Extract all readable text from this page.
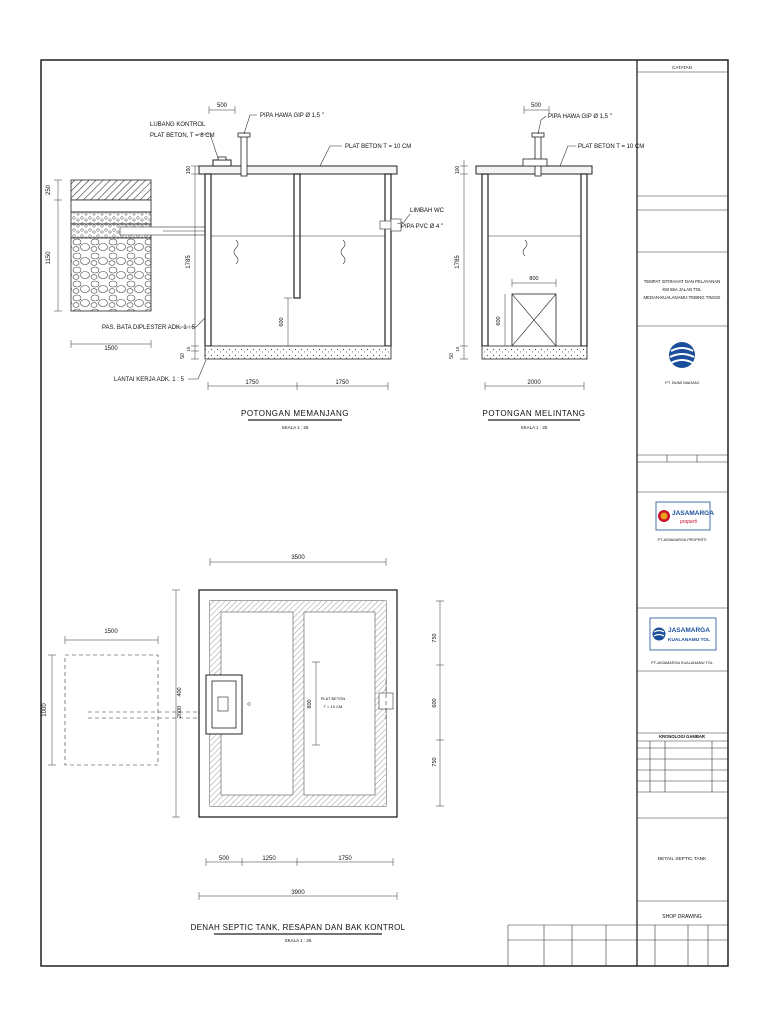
250
1150
1500
500
LUBANG KONTROL
PLAT BETON, T = 8 CM
PIPA HAWA GIP Ø 1,5 "
PLAT BETON T = 10 CM
LIMBAH WC
PIPA PVC Ø 4 "
PAS. BATA DIPLESTER ADK. 1 : 5
LANTAI KERJA ADK. 1 : 5
150
1785
15
50
600
1750	1750
POTONGAN MEMANJANG
SKALA 1 : 25
800
600
500
PIPA HAWA GIP Ø 1,5 "
PLAT BETON T = 10 CM
100
1785
15
50
2000
POTONGAN MELINTANG
SKALA 1 : 25
1500
1000	800
PLAT BETON
T = 10 CM
3500
400
2000
750
600
750
500	1250	1750
3900
DENAH SEPTIC TANK, RESAPAN DAN BAK KONTROL
SKALA 1 : 25
CATATAN
TEMPAT ISTIRAHAT DAN PELAYANAN
KM 65A JALAN TOL
MEDAN-KUALANAMU-TEBING TINGGI
PT. BUMI MADANI
JASAMARGA
properti
PT.JASAMARGA PROPERTI
JASAMARGA
KUALANAMU TOL
PT.JASAMARGA KUALANAMU TOL
KRONOLOGI GAMBAR
DETAIL SEPTIC TANK
SHOP DRAWING
